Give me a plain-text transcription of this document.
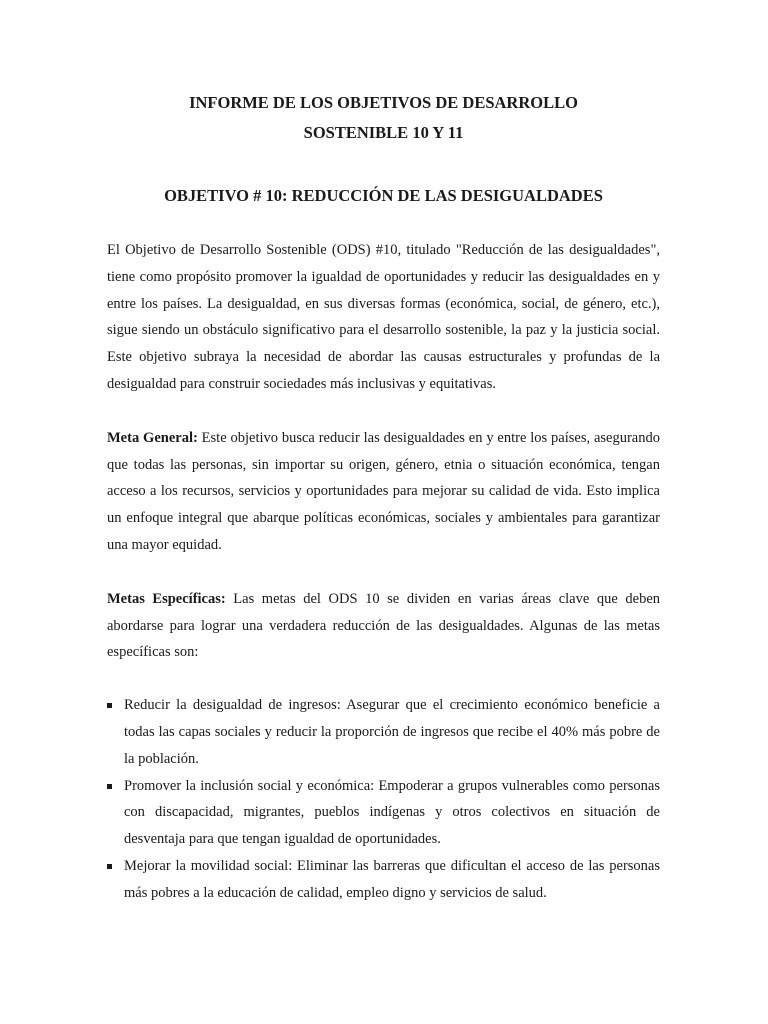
INFORME DE LOS OBJETIVOS DE DESARROLLO
SOSTENIBLE 10 Y 11
OBJETIVO # 10: REDUCCIÓN DE LAS DESIGUALDADES

El Objetivo de Desarrollo Sostenible (ODS) #10, titulado "Reducción de las desigualdades", tiene como propósito promover la igualdad de oportunidades y reducir las desigualdades en y entre los países. La desigualdad, en sus diversas formas (económica, social, de género, etc.), sigue siendo un obstáculo significativo para el desarrollo sostenible, la paz y la justicia social. Este objetivo subraya la necesidad de abordar las causas estructurales y profundas de la desigualdad para construir sociedades más inclusivas y equitativas.

Meta General: Este objetivo busca reducir las desigualdades en y entre los países, asegurando que todas las personas, sin importar su origen, género, etnia o situación económica, tengan acceso a los recursos, servicios y oportunidades para mejorar su calidad de vida. Esto implica un enfoque integral que abarque políticas económicas, sociales y ambientales para garantizar una mayor equidad.

Metas Específicas: Las metas del ODS 10 se dividen en varias áreas clave que deben abordarse para lograr una verdadera reducción de las desigualdades. Algunas de las metas específicas son:

Reducir la desigualdad de ingresos: Asegurar que el crecimiento económico beneficie a todas las capas sociales y reducir la proporción de ingresos que recibe el 40% más pobre de la población.
Promover la inclusión social y económica: Empoderar a grupos vulnerables como personas con discapacidad, migrantes, pueblos indígenas y otros colectivos en situación de desventaja para que tengan igualdad de oportunidades.
Mejorar la movilidad social: Eliminar las barreras que dificultan el acceso de las personas más pobres a la educación de calidad, empleo digno y servicios de salud.
